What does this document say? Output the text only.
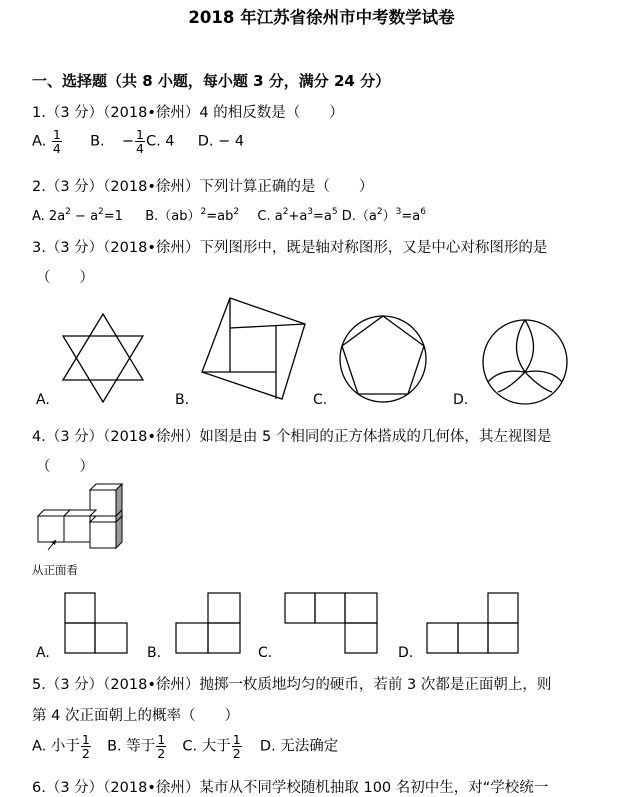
2018 年江苏省徐州市中考数学试卷
一、选择题（共 8 小题，每小题 3 分，满分 24 分）
1.（3 分）（2018•徐州）4 的相反数是（　　）
A. $\frac{1}{4} B$. − $\frac{1}{4} C$. 4 D. − 4
2.（3 分）（2018•徐州）下列计算正确的是（　　）
A. $2a^2 - a^2=1$ $B.(ab)^2=ab^2$ C. $a^2+a^3=a^5$ $D.(a^2)^3=a^6$
3.（3 分）（2018•徐州）下列图形中，既是轴对称图形，又是中心对称图形的是
（　　）
A.	B.	C.	D.
4.（3 分）（2018•徐州）如图是由 5 个相同的正方体搭成的几何体，其左视图是
（　　）
从正面看
A.	B.	C.	D.
5.（3 分）（2018•徐州）抛掷一枚质地均匀的硬币，若前 3 次都是正面朝上，则
第 4 次正面朝上的概率（　　）
A. 小于 $\frac{1}{2} B$. 等于 $\frac{1}{2} C$. 大于 $\frac{1}{2} D$. 无法确定
6.（3 分）（2018•徐州）某市从不同学校随机抽取 100 名初中生，对“学校统一
